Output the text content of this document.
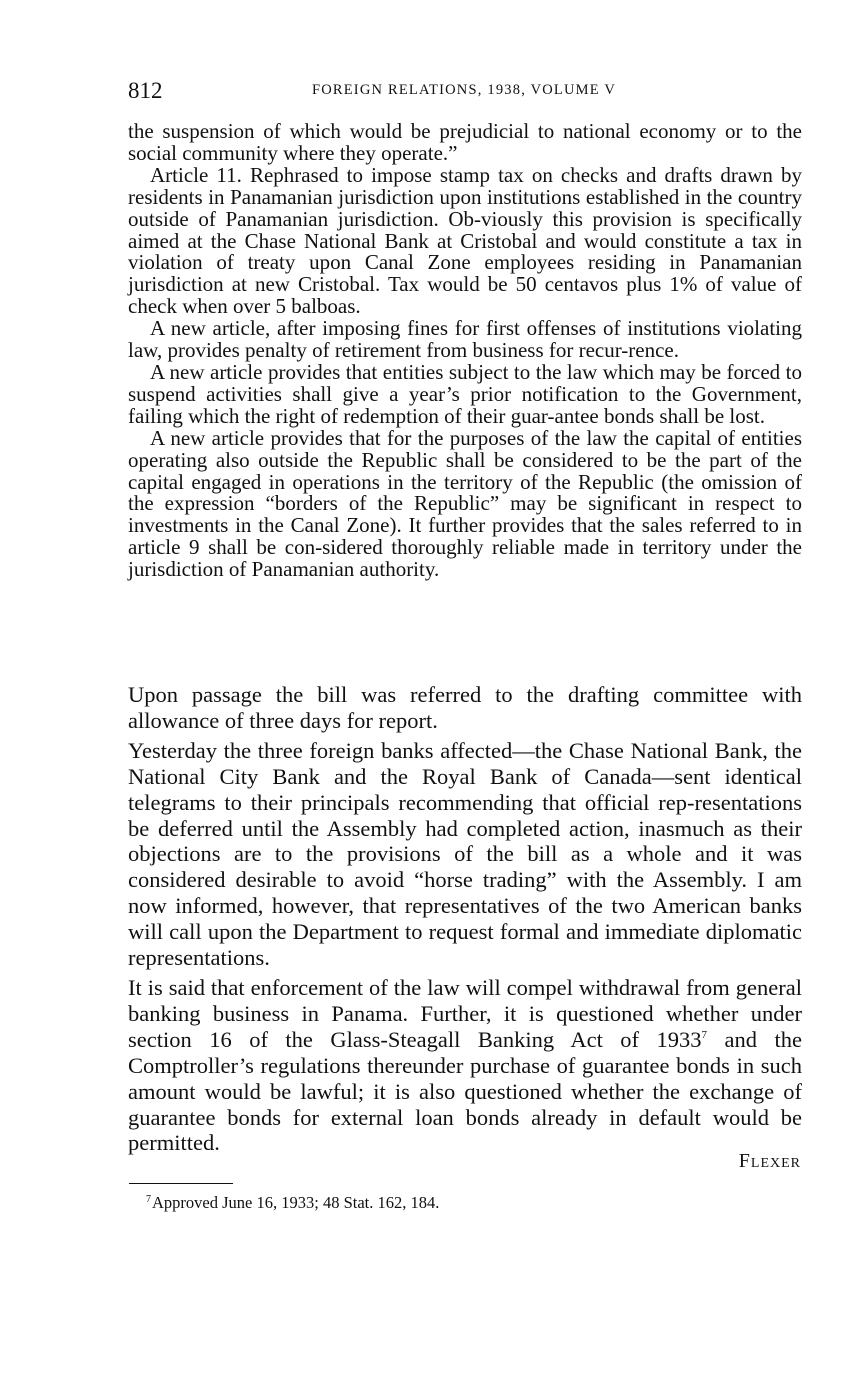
812	FOREIGN RELATIONS, 1938, VOLUME V

the suspension of which would be prejudicial to national economy or to the social community where they operate.”

Article 11. Rephrased to impose stamp tax on checks and drafts drawn by residents in Panamanian jurisdiction upon institutions established in the country outside of Panamanian jurisdiction. Ob-viously this provision is specifically aimed at the Chase National Bank at Cristobal and would constitute a tax in violation of treaty upon Canal Zone employees residing in Panamanian jurisdiction at new Cristobal. Tax would be 50 centavos plus 1% of value of check when over 5 balboas.

A new article, after imposing fines for first offenses of institutions violating law, provides penalty of retirement from business for recur-rence.

A new article provides that entities subject to the law which may be forced to suspend activities shall give a year’s prior notification to the Government, failing which the right of redemption of their guar-antee bonds shall be lost.

A new article provides that for the purposes of the law the capital of entities operating also outside the Republic shall be considered to be the part of the capital engaged in operations in the territory of the Republic (the omission of the expression “borders of the Republic” may be significant in respect to investments in the Canal Zone). It further provides that the sales referred to in article 9 shall be con-sidered thoroughly reliable made in territory under the jurisdiction of Panamanian authority.

Upon passage the bill was referred to the drafting committee with allowance of three days for report.

Yesterday the three foreign banks affected—the Chase National Bank, the National City Bank and the Royal Bank of Canada—sent identical telegrams to their principals recommending that official rep-resentations be deferred until the Assembly had completed action, inasmuch as their objections are to the provisions of the bill as a whole and it was considered desirable to avoid “horse trading” with the Assembly. I am now informed, however, that representatives of the two American banks will call upon the Department to request formal and immediate diplomatic representations.

It is said that enforcement of the law will compel withdrawal from general banking business in Panama. Further, it is questioned whether under section 16 of the Glass-Steagall Banking Act of 1933$^7$ and the Comptroller’s regulations thereunder purchase of guarantee bonds in such amount would be lawful; it is also questioned whether the exchange of guarantee bonds for external loan bonds already in default would be permitted.

Flexer
$^7$Approved June 16, 1933; 48 Stat. 162, 184.
